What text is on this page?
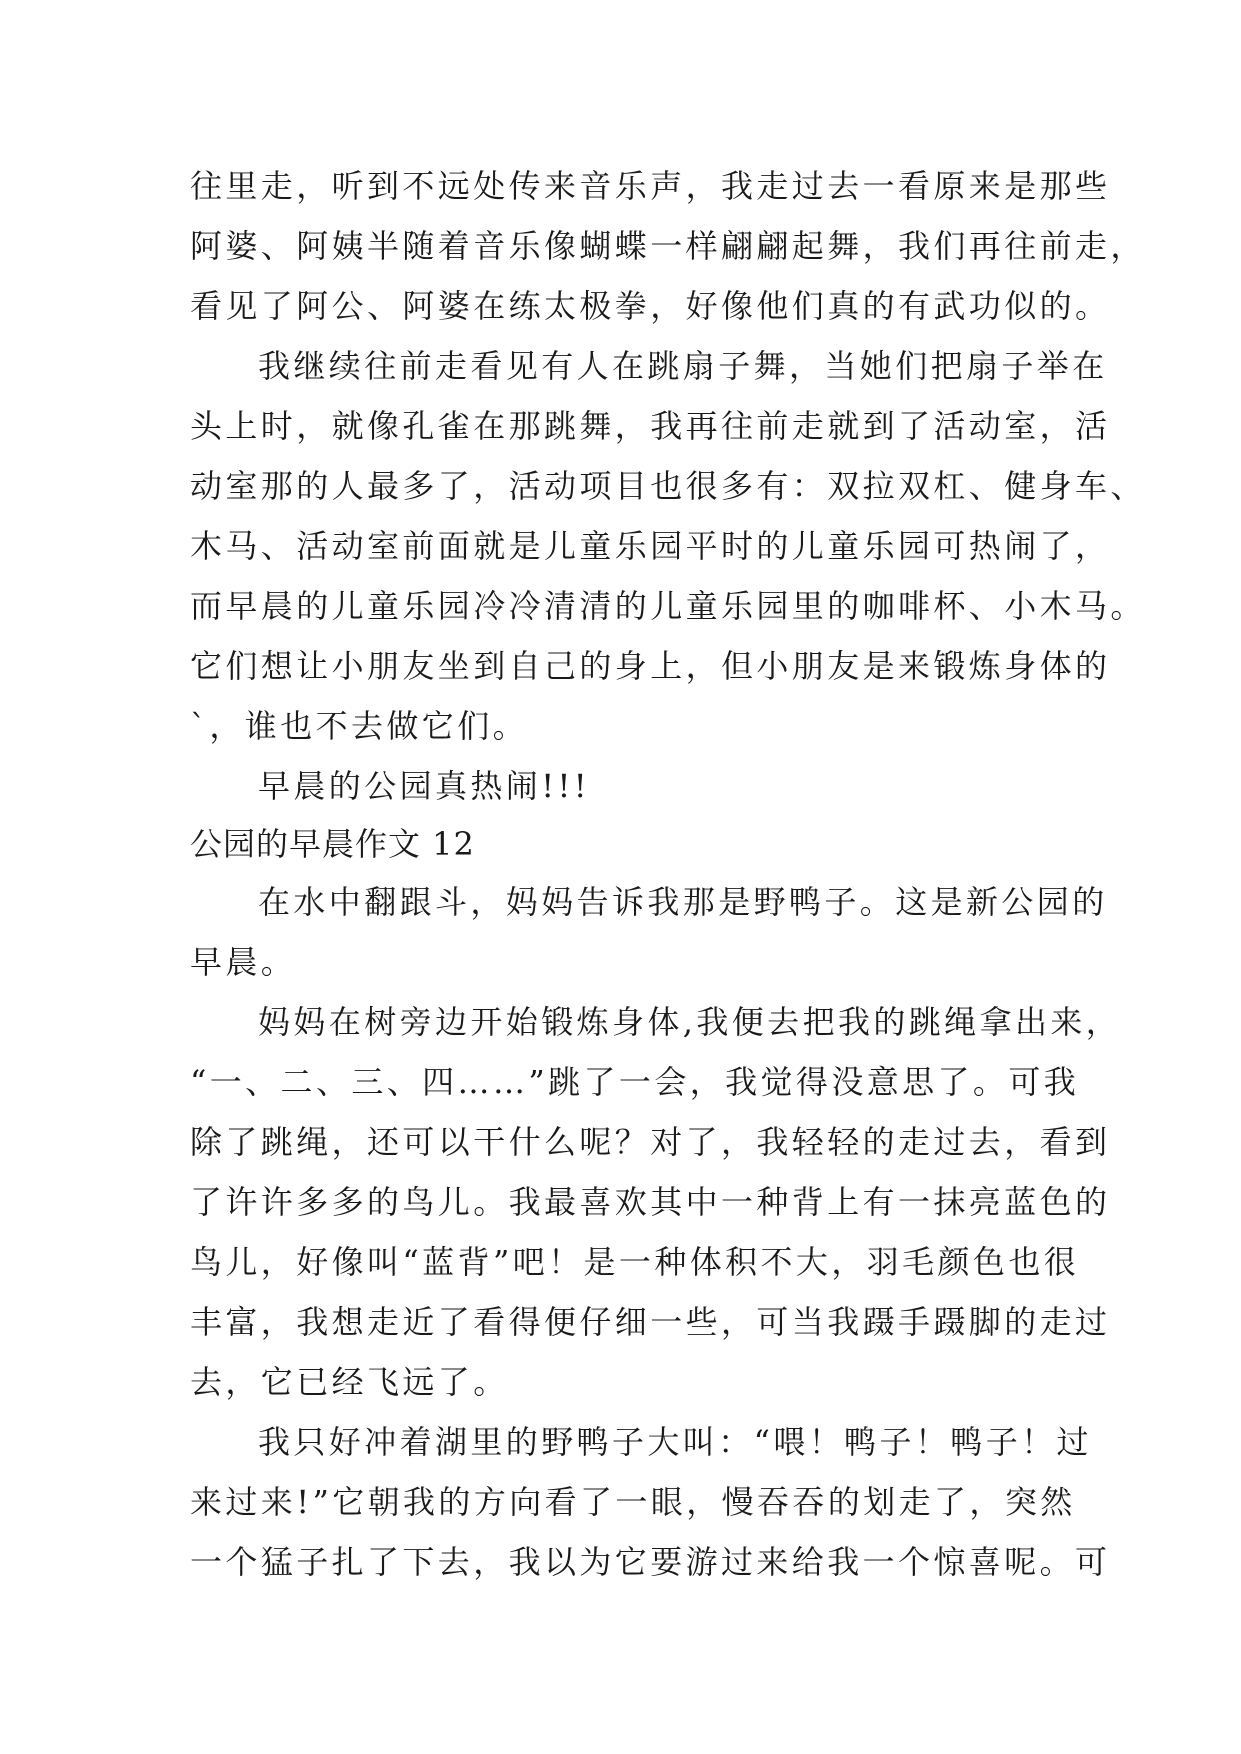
往里走，听到不远处传来音乐声，我走过去一看原来是那些
阿婆、阿姨半随着音乐像蝴蝶一样翩翩起舞，我们再往前走，
看见了阿公、阿婆在练太极拳，好像他们真的有武功似的。
我继续往前走看见有人在跳扇子舞，当她们把扇子举在
头上时，就像孔雀在那跳舞，我再往前走就到了活动室，活
动室那的人最多了，活动项目也很多有：双拉双杠、健身车、
木马、活动室前面就是儿童乐园平时的儿童乐园可热闹了，
而早晨的儿童乐园冷冷清清的儿童乐园里的咖啡杯、小木马。
它们想让小朋友坐到自己的身上，但小朋友是来锻炼身体的
`，谁也不去做它们。
早晨的公园真热闹!!!
公园的早晨作文 12
在水中翻跟斗，妈妈告诉我那是野鸭子。这是新公园的
早晨。
妈妈在树旁边开始锻炼身体,我便去把我的跳绳拿出来，
“一、二、三、四……”跳了一会，我觉得没意思了。可我
除了跳绳，还可以干什么呢？对了，我轻轻的走过去，看到
了许许多多的鸟儿。我最喜欢其中一种背上有一抹亮蓝色的
鸟儿，好像叫“蓝背”吧！是一种体积不大，羽毛颜色也很
丰富，我想走近了看得便仔细一些，可当我蹑手蹑脚的走过
去，它已经飞远了。
我只好冲着湖里的野鸭子大叫：“喂！鸭子！鸭子！过
来过来!”它朝我的方向看了一眼，慢吞吞的划走了，突然
一个猛子扎了下去，我以为它要游过来给我一个惊喜呢。可
